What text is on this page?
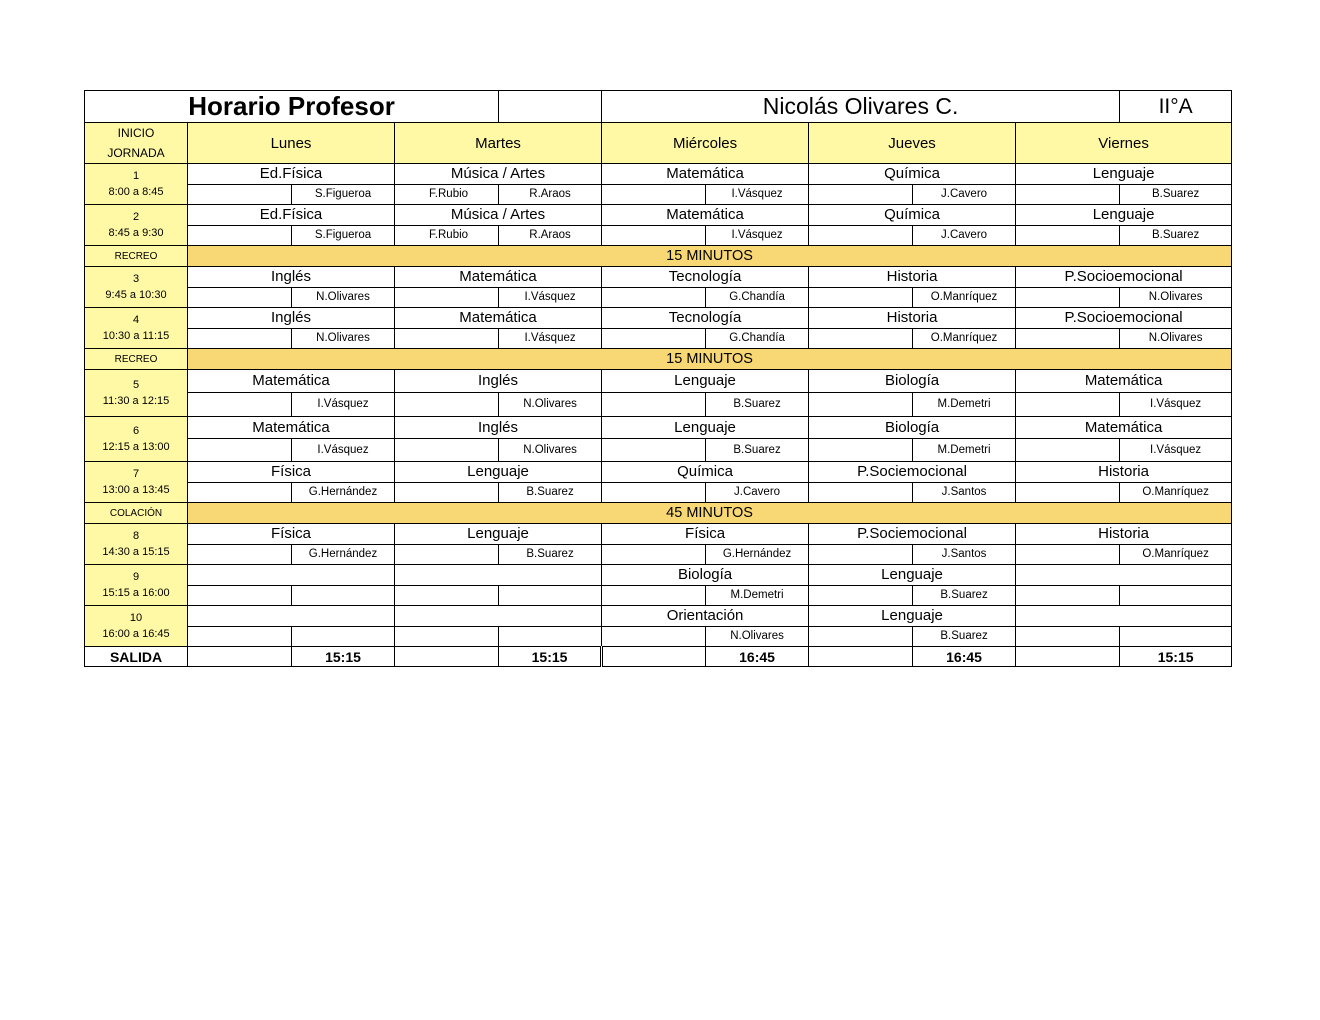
Horario Profesor					Nicolás Olivares C.					II°A

INICIO
JORNADA	Lunes		Martes		Miércoles		Jueves		Viernes	

1
8:00 a 8:45	Ed.Física		Música / Artes		Matemática		Química		Lenguaje	
		S.Figueroa	F.Rubio	R.Araos		I.Vásquez		J.Cavero		B.Suarez

2
8:45 a 9:30	Ed.Física		Música / Artes		Matemática		Química		Lenguaje	
		S.Figueroa	F.Rubio	R.Araos		I.Vásquez		J.Cavero		B.Suarez
RECREO	15 MINUTOS									

3
9:45 a 10:30	Inglés		Matemática		Tecnología		Historia		P.Socioemocional	
		N.Olivares		I.Vásquez		G.Chandía		O.Manríquez		N.Olivares

4
10:30 a 11:15	Inglés		Matemática		Tecnología		Historia		P.Socioemocional	
		N.Olivares		I.Vásquez		G.Chandía		O.Manríquez		N.Olivares
RECREO	15 MINUTOS									

5
11:30 a 12:15	Matemática		Inglés		Lenguaje		Biología		Matemática	
		I.Vásquez		N.Olivares		B.Suarez		M.Demetri		I.Vásquez

6
12:15 a 13:00	Matemática		Inglés		Lenguaje		Biología		Matemática	
		I.Vásquez		N.Olivares		B.Suarez		M.Demetri		I.Vásquez

7
13:00 a 13:45	Física		Lenguaje		Química		P.Sociemocional		Historia	
		G.Hernández		B.Suarez		J.Cavero		J.Santos		O.Manríquez
COLACIÓN	45 MINUTOS									

8
14:30 a 15:15	Física		Lenguaje		Física		P.Sociemocional		Historia	
		G.Hernández		B.Suarez		G.Hernández		J.Santos		O.Manríquez

9
15:15 a 16:00					Biología		Lenguaje			
						M.Demetri		B.Suarez		

10
16:00 a 16:45					Orientación		Lenguaje			
						N.Olivares		B.Suarez		
SALIDA		15:15		15:15		16:45		16:45		15:15
